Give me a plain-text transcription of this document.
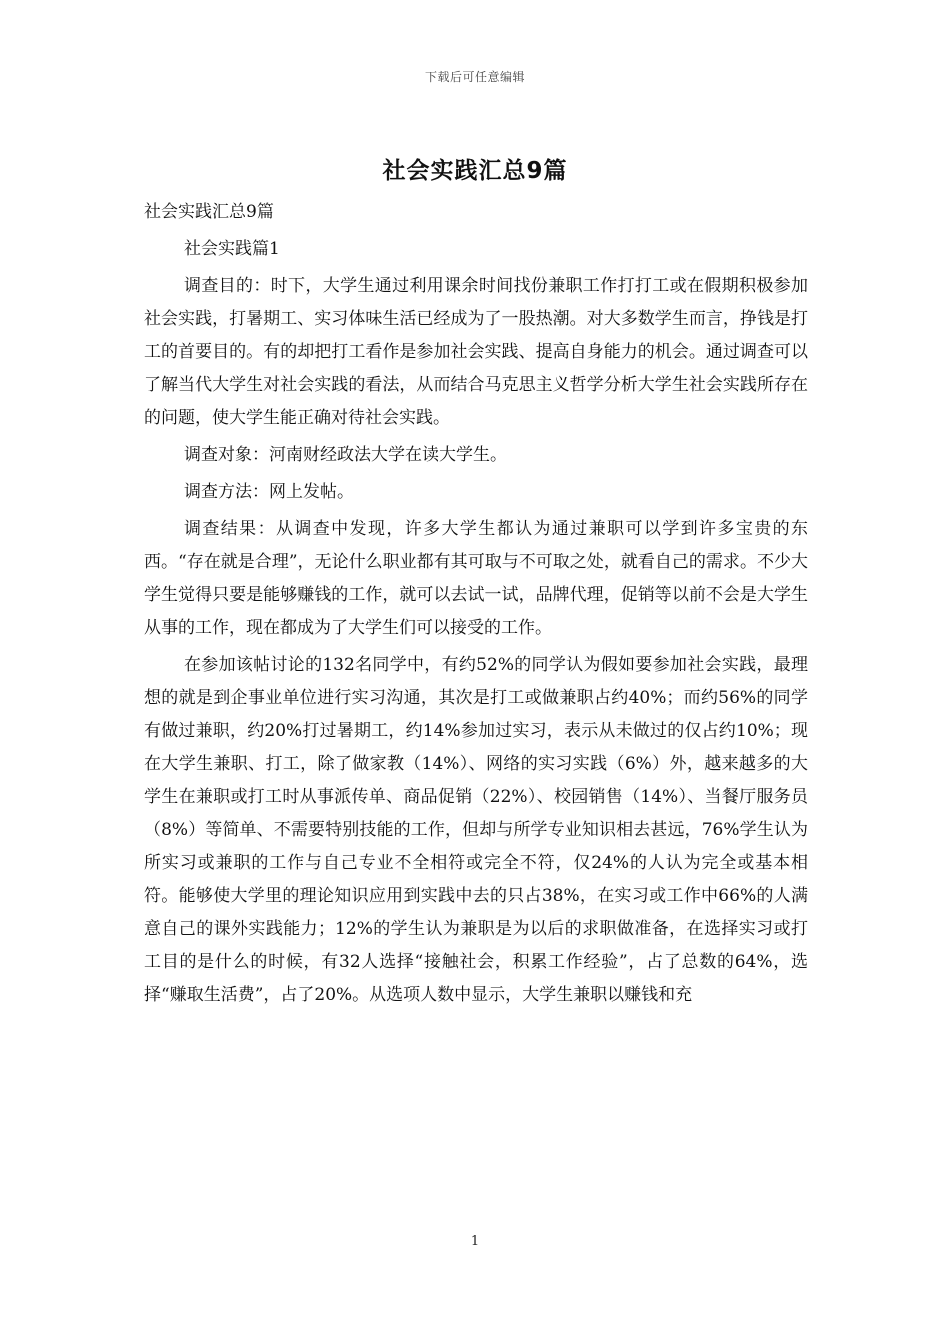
下载后可任意编辑
社会实践汇总9篇

社会实践汇总9篇

社会实践篇1

调查目的：时下，大学生通过利用课余时间找份兼职工作打打工或在假期积极参加社会实践，打暑期工、实习体味生活已经成为了一股热潮。对大多数学生而言，挣钱是打工的首要目的。有的却把打工看作是参加社会实践、提高自身能力的机会。通过调查可以了解当代大学生对社会实践的看法，从而结合马克思主义哲学分析大学生社会实践所存在的问题，使大学生能正确对待社会实践。

调查对象：河南财经政法大学在读大学生。

调查方法：网上发帖。

调查结果：从调查中发现，许多大学生都认为通过兼职可以学到许多宝贵的东西。“存在就是合理”，无论什么职业都有其可取与不可取之处，就看自己的需求。不少大学生觉得只要是能够赚钱的工作，就可以去试一试，品牌代理，促销等以前不会是大学生从事的工作，现在都成为了大学生们可以接受的工作。

在参加该帖讨论的132名同学中，有约52%的同学认为假如要参加社会实践，最理想的就是到企事业单位进行实习沟通，其次是打工或做兼职占约40%；而约56%的同学有做过兼职，约20%打过暑期工，约14%参加过实习，表示从未做过的仅占约10%；现在大学生兼职、打工，除了做家教（14%）、网络的实习实践（6%）外，越来越多的大学生在兼职或打工时从事派传单、商品促销（22%）、校园销售（14%）、当餐厅服务员（8%）等简单、不需要特别技能的工作，但却与所学专业知识相去甚远，76%学生认为所实习或兼职的工作与自己专业不全相符或完全不符，仅24%的人认为完全或基本相符。能够使大学里的理论知识应用到实践中去的只占38%，在实习或工作中66%的人满意自己的课外实践能力；12%的学生认为兼职是为以后的求职做准备，在选择实习或打工目的是什么的时候，有32人选择“接触社会，积累工作经验”，占了总数的64%，选择“赚取生活费”，占了20%。从选项人数中显示，大学生兼职以赚钱和充

1
